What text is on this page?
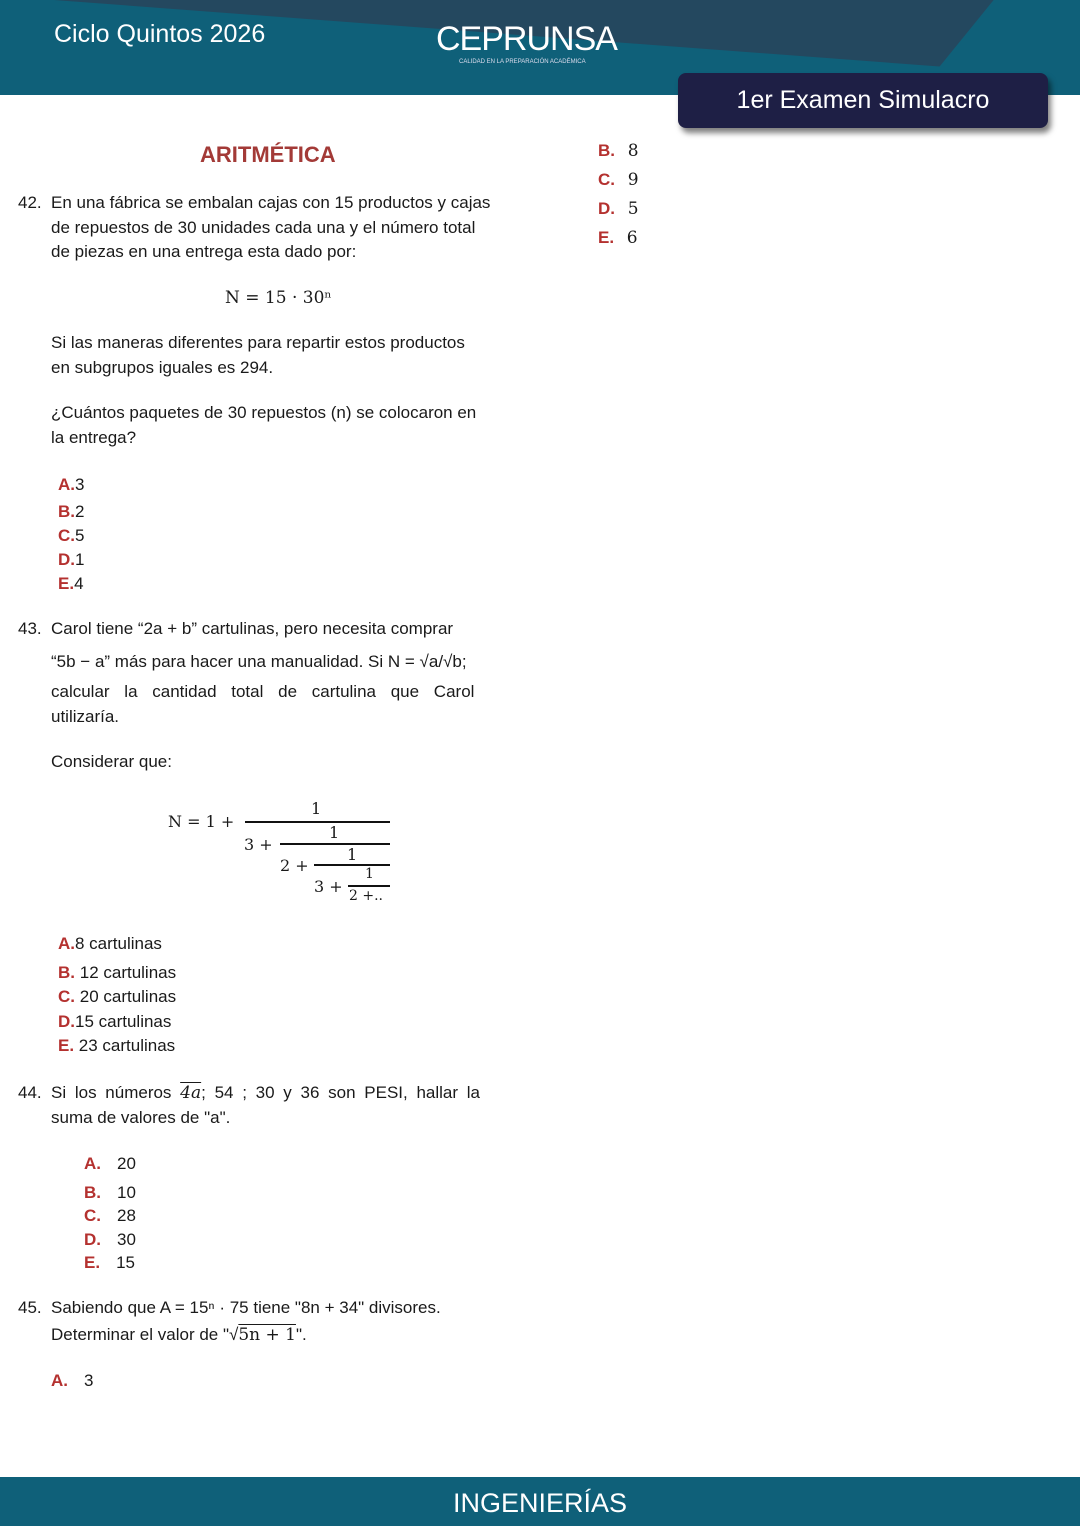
Ciclo Quintos 2026	CEPRUNSA
CALIDAD EN LA PREPARACIÓN ACADÉMICA
1er Examen Simulacro
ARITMÉTICA	B. 8
C. 9
D. 5
E. 6
42. En una fábrica se embalan cajas con 15 productos y cajas
de repuestos de 30 unidades cada una y el número total
de piezas en una entrega esta dado por:
N = 15 · 30ⁿ
Si las maneras diferentes para repartir estos productos
en subgrupos iguales es 294.
¿Cuántos paquetes de 30 repuestos (n) se colocaron en
la entrega?
A.3
B.2
C.5
D.1
E.4
43. Carol tiene “2a + b” cartulinas, pero necesita comprar
“5b − a” más para hacer una manualidad. Si N = √a/√b;
calcular la cantidad total de cartulina que Carol
utilizaría.
Considerar que:
N = 1 +
1
3 +
1
2 +
1
3 +
1
2 +..
A.8 cartulinas
B. 12 cartulinas
C. 20 cartulinas
D.15 cartulinas
E. 23 cartulinas
44. Si los números 4a; 54 ; 30 y 36 son PESI, hallar la
suma de valores de "a".
A. 20
B. 10
C. 28
D. 30
E. 15
45. Sabiendo que A = 15ⁿ · 75 tiene "8n + 34" divisores.
Determinar el valor de "√5n + 1".
A. 3
INGENIERÍAS
